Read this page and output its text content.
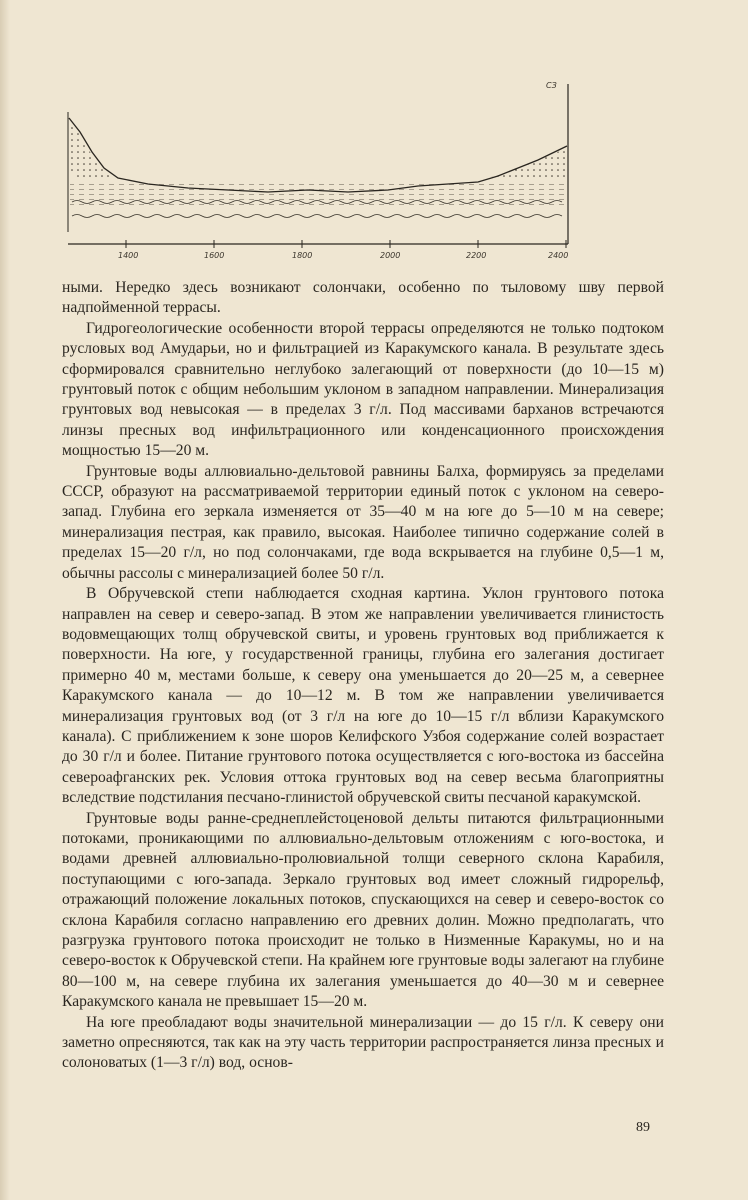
1400	1600	1800	2000	2200	2400
СЗ

ными. Нередко здесь возникают солончаки, особенно по тыловому шву первой надпойменной террасы.

Гидрогеологические особенности второй террасы определяются не только подтоком русловых вод Амударьи, но и фильтрацией из Каракумского канала. В результате здесь сформировался сравнительно неглубоко залегающий от поверхности (до 10—15 м) грунтовый поток с общим небольшим уклоном в западном направлении. Минерализация грунтовых вод невысокая — в пределах 3 г/л. Под массивами барханов встречаются линзы пресных вод инфильтрационного или конденсационного происхождения мощностью 15—20 м.

Грунтовые воды аллювиально-дельтовой равнины Балха, формируясь за пределами СССР, образуют на рассматриваемой территории единый поток с уклоном на северо-запад. Глубина его зеркала изменяется от 35—40 м на юге до 5—10 м на севере; минерализация пестрая, как правило, высокая. Наиболее типично содержание солей в пределах 15—20 г/л, но под солончаками, где вода вскрывается на глубине 0,5—1 м, обычны рассолы с минерализацией более 50 г/л.

В Обручевской степи наблюдается сходная картина. Уклон грунтового потока направлен на север и северо-запад. В этом же направлении увеличивается глинистость водовмещающих толщ обручевской свиты, и уровень грунтовых вод приближается к поверхности. На юге, у государственной границы, глубина его залегания достигает примерно 40 м, местами больше, к северу она уменьшается до 20—25 м, а севернее Каракумского канала — до 10—12 м. В том же направлении увеличивается минерализация грунтовых вод (от 3 г/л на юге до 10—15 г/л вблизи Каракумского канала). С приближением к зоне шоров Келифского Узбоя содержание солей возрастает до 30 г/л и более. Питание грунтового потока осуществляется с юго-востока из бассейна североафганских рек. Условия оттока грунтовых вод на север весьма благоприятны вследствие подстилания песчано-глинистой обручевской свиты песчаной каракумской.

Грунтовые воды ранне-среднеплейстоценовой дельты питаются фильтрационными потоками, проникающими по аллювиально-дельтовым отложениям с юго-востока, и водами древней аллювиально-пролювиальной толщи северного склона Карабиля, поступающими с юго-запада. Зеркало грунтовых вод имеет сложный гидрорельф, отражающий положение локальных потоков, спускающихся на север и северо-восток со склона Карабиля согласно направлению его древних долин. Можно предполагать, что разгрузка грунтового потока происходит не только в Низменные Каракумы, но и на северо-восток к Обручевской степи. На крайнем юге грунтовые воды залегают на глубине 80—100 м, на севере глубина их залегания уменьшается до 40—30 м и севернее Каракумского канала не превышает 15—20 м.

На юге преобладают воды значительной минерализации — до 15 г/л. К северу они заметно опресняются, так как на эту часть территории распространяется линза пресных и солоноватых (1—3 г/л) вод, основ-

89
